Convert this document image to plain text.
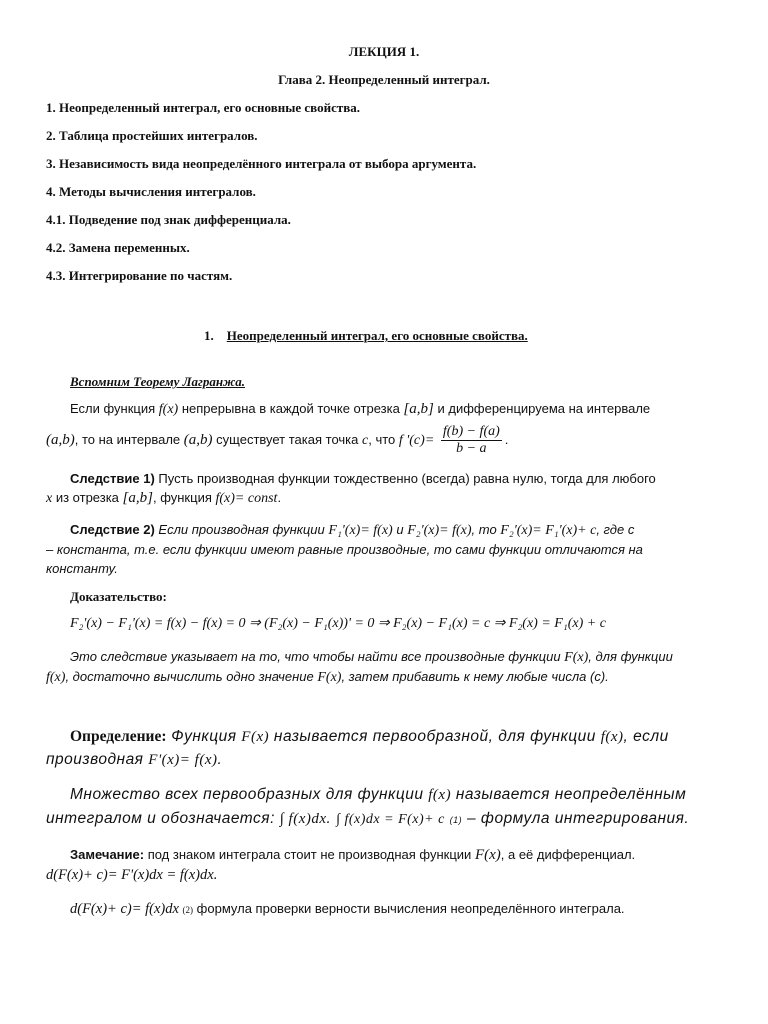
ЛЕКЦИЯ 1.
Глава 2. Неопределенный интеграл.
1. Неопределенный интеграл, его основные свойства.
2. Таблица простейших интегралов.
3. Независимость вида неопределённого интеграла от выбора аргумента.
4. Методы вычисления интегралов.
4.1. Подведение под знак дифференциала.
4.2. Замена переменных.
4.3. Интегрирование по частям.
1. Неопределенный интеграл, его основные свойства.
Вспомним Теорему Лагранжа.
Если функция f(x) непрерывна в каждой точке отрезка [a,b] и дифференцируема на интервале
(a,b), то на интервале (a,b) существует такая точка c, что f '$(c)= \frac{f(b) - f(a)}{b - a}$ .
Следствие 1) Пусть производная функции тождественно (всегда) равна нулю, тогда для любого
x из отрезка [a,b], функция f(x)= const.
Следствие 2) Если производная функции F₁'(x)= f(x) и F₂'(x)= f(x), то F₂'(x)= F₁'(x)+ c, где c
– константа, т.е. если функции имеют равные производные, то сами функции отличаются на
константу.
Доказательство:
F₂'(x) − F₁'(x) = f(x) − f(x) = 0 ⇒ (F₂(x) − F₁(x))' = 0 ⇒ F₂(x) − F₁(x) = c ⇒ F₂(x) = F₁(x) + c
Это следствие указывает на то, что чтобы найти все производные функции F(x), для функции
f(x), достаточно вычислить одно значение F(x), затем прибавить к нему любые числа (c).
Определение: Функция F(x) называется первообразной, для функции f(x), если
производная F'(x)= f(x).
Множество всех первообразных для функции f(x) называется неопределённым
интегралом и обозначается: ∫ f(x)dx. ∫ f(x)dx = F(x)+ c (1) – формула интегрирования.
Замечание: под знаком интеграла стоит не производная функции F(x), а её дифференциал.
d(F(x)+ c)= F'(x)dx = f(x)dx.
d(F(x)+ c)= f(x)dx (2) формула проверки верности вычисления неопределённого интеграла.
